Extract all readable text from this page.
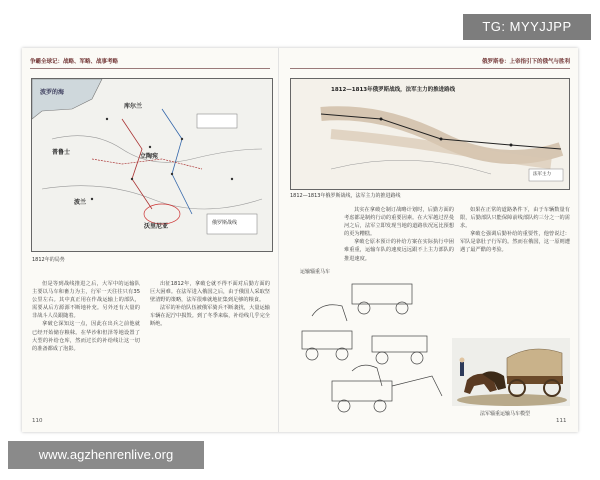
争霸全球记：战略、军略、战事考略	俄罗斯卷：上帝指引下的俄气与胜利
波罗的海
库尔兰
普鲁士
立陶宛
波兰
沃里尼亚	俄罗斯战线
1812年的局势

但是等到战线推进之后，大军中的运输队主要以马车和畜力为主，行军一天往往只有35公里左右。其中真正用在作战运输上的部队，需要从后方源源不断地补充。另外还有大量的非战斗人员跟随着。

拿破仑深知这一点，因此在出兵之前他就已经开始储存粮秣。在华沙和但泽等地设置了大型的补给仓库，然而过长的补给线让这一切的准备都成了泡影。

出征1812年，拿破仑就不得不面对后勤方面的巨大困难。在法军进入俄国之后，由于俄国人采取坚壁清野的策略，法军很难就地征集到足够的粮食。

法军的补给队伍被俄军骑兵不断袭扰，大量运输车辆在泥泞中损毁。到了冬季来临，补给线几乎完全断绝。

110
1812—1813年俄罗斯战线，法军主力的推进路线
法军主力
1812—1813年俄罗斯战线，法军主力的推进路线

其实在拿破仑制订战略计划时，后勤方面的考虑都是制约行动的重要因素。在大军越过涅曼河之后，法军立即发现当地的道路状况远比预想的更为糟糕。

拿破仑原本预计的补给方案在实际执行中困难重重，运输车队的速度远远跟不上主力部队的推进速度。

如果在正常的道路条件下，由于车辆数量有限，后勤部队只能保障前线部队约三分之一的需求。

拿破仑强调后勤补给的重要性，他曾说过：军队是靠肚子行军的。然而在俄国，这一原则遭遇了最严酷的考验。

运输辎重马车
法军辎重运输马车模型
111
TG: MYYJJPP
www.agzhenrenlive.org
